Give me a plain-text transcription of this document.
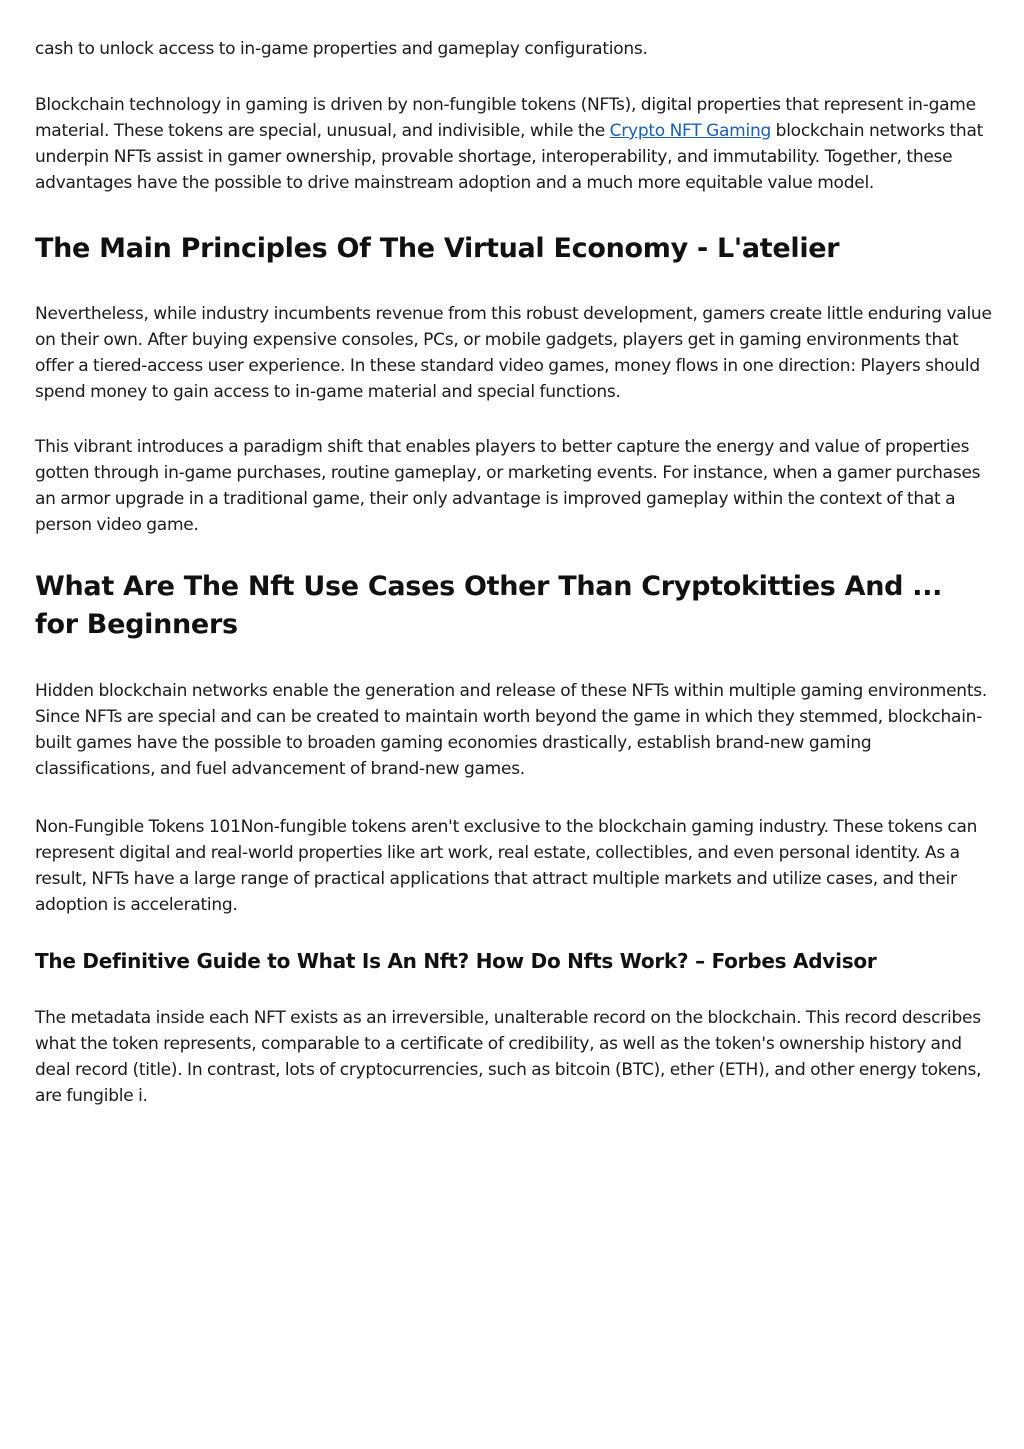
cash to unlock access to in-game properties and gameplay configurations.

Blockchain technology in gaming is driven by non-fungible tokens (NFTs), digital properties that represent in-game material. These tokens are special, unusual, and indivisible, while the Crypto NFT Gaming blockchain networks that underpin NFTs assist in gamer ownership, provable shortage, interoperability, and immutability. Together, these advantages have the possible to drive mainstream adoption and a much more equitable value model.

The Main Principles Of The Virtual Economy - L'atelier

Nevertheless, while industry incumbents revenue from this robust development, gamers create little enduring value on their own. After buying expensive consoles, PCs, or mobile gadgets, players get in gaming environments that offer a tiered-access user experience. In these standard video games, money flows in one direction: Players should spend money to gain access to in-game material and special functions.

This vibrant introduces a paradigm shift that enables players to better capture the energy and value of properties gotten through in-game purchases, routine gameplay, or marketing events. For instance, when a gamer purchases an armor upgrade in a traditional game, their only advantage is improved gameplay within the context of that a person video game.

What Are The Nft Use Cases Other Than Cryptokitties And ... for Beginners

Hidden blockchain networks enable the generation and release of these NFTs within multiple gaming environments. Since NFTs are special and can be created to maintain worth beyond the game in which they stemmed, blockchain-built games have the possible to broaden gaming economies drastically, establish brand-new gaming classifications, and fuel advancement of brand-new games.

Non-Fungible Tokens 101Non-fungible tokens aren't exclusive to the blockchain gaming industry. These tokens can represent digital and real-world properties like art work, real estate, collectibles, and even personal identity. As a result, NFTs have a large range of practical applications that attract multiple markets and utilize cases, and their adoption is accelerating.

The Definitive Guide to What Is An Nft? How Do Nfts Work? – Forbes Advisor

The metadata inside each NFT exists as an irreversible, unalterable record on the blockchain. This record describes what the token represents, comparable to a certificate of credibility, as well as the token's ownership history and deal record (title). In contrast, lots of cryptocurrencies, such as bitcoin (BTC), ether (ETH), and other energy tokens, are fungible i.
